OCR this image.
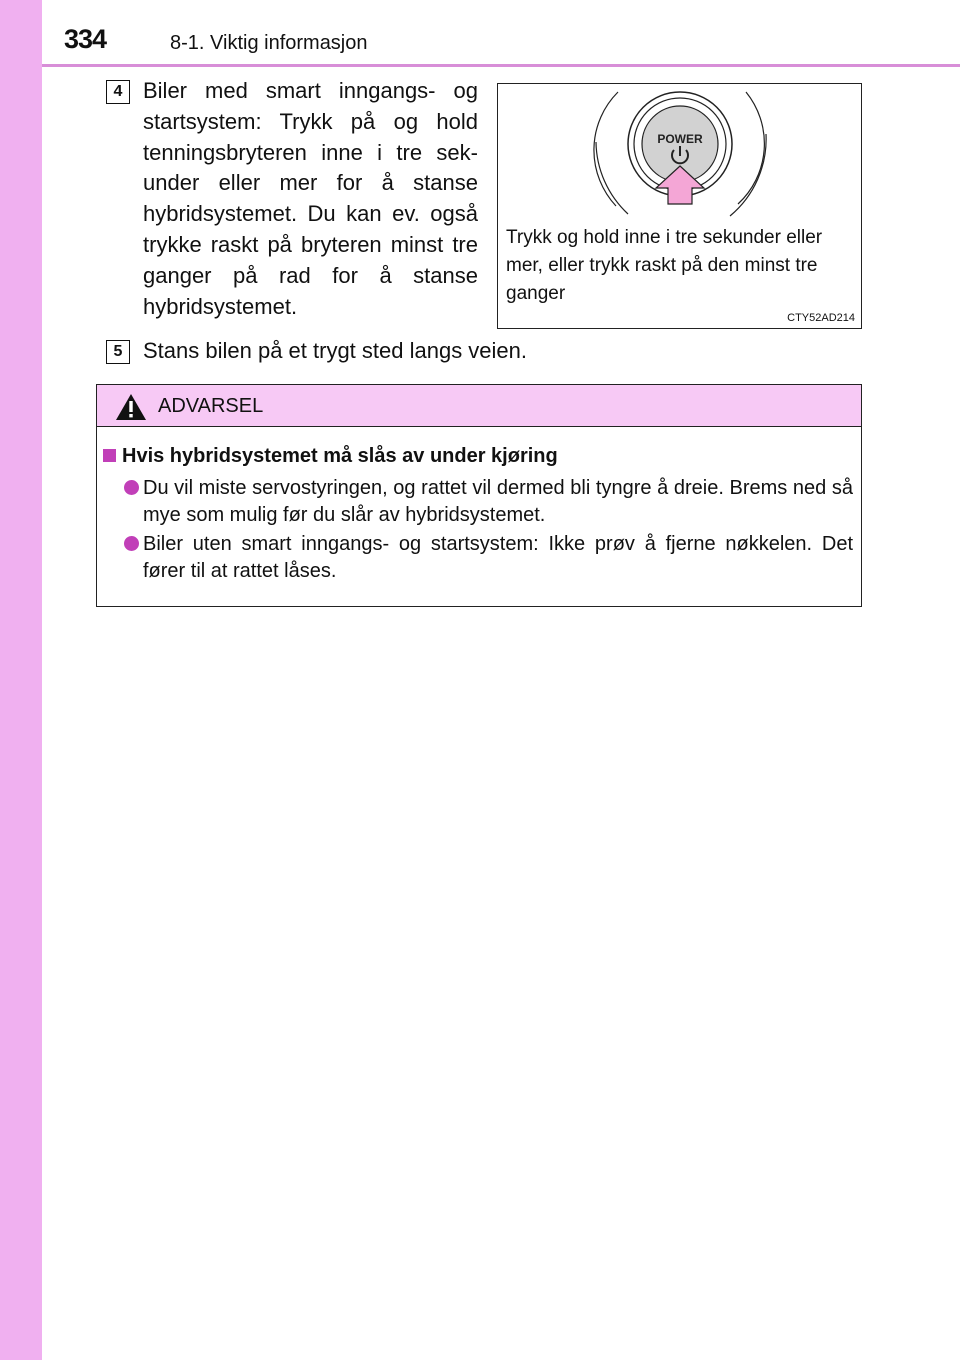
334	8-1. Viktig informasjon
4 Biler med smart inngangs- og startsystem: Trykk på og hold tenningsbryteren inne i tre sek-under eller mer for å stanse hybridsystemet. Du kan ev. også trykke raskt på bryteren minst tre ganger på rad for å stanse hybridsystemet.
POWER
Trykk og hold inne i tre sekunder eller mer, eller trykk raskt på den minst tre ganger
CTY52AD214
5 Stans bilen på et trygt sted langs veien.
ADVARSEL
Hvis hybridsystemet må slås av under kjøring
Du vil miste servostyringen, og rattet vil dermed bli tyngre å dreie. Brems ned så mye som mulig før du slår av hybridsystemet.
Biler uten smart inngangs- og startsystem: Ikke prøv å fjerne nøkkelen. Det fører til at rattet låses.
